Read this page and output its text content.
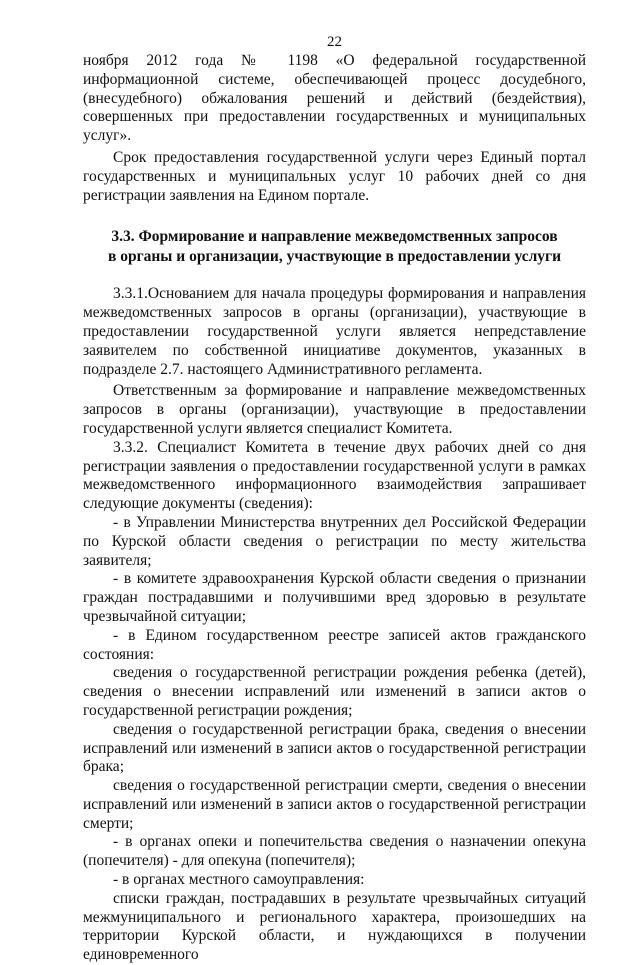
22

ноября 2012 года № 1198 «О федеральной государственной информационной системе, обеспечивающей процесс досудебного, (внесудебного) обжалования решений и действий (бездействия), совершенных при предоставлении государственных и муниципальных услуг».

Срок предоставления государственной услуги через Единый портал государственных и муниципальных услуг 10 рабочих дней со дня регистрации заявления на Едином портале.

3.3. Формирование и направление межведомственных запросов
в органы и организации, участвующие в предоставлении услуги

3.3.1.Основанием для начала процедуры формирования и направления межведомственных запросов в органы (организации), участвующие в предоставлении государственной услуги является непредставление заявителем по собственной инициативе документов, указанных в подразделе 2.7. настоящего Административного регламента.

Ответственным за формирование и направление межведомственных запросов в органы (организации), участвующие в предоставлении государственной услуги является специалист Комитета.

3.3.2. Специалист Комитета в течение двух рабочих дней со дня регистрации заявления о предоставлении государственной услуги в рамках межведомственного информационного взаимодействия запрашивает следующие документы (сведения):

- в Управлении Министерства внутренних дел Российской Федерации по Курской области сведения о регистрации по месту жительства заявителя;

- в комитете здравоохранения Курской области сведения о признании граждан пострадавшими и получившими вред здоровью в результате чрезвычайной ситуации;

- в Едином государственном реестре записей актов гражданского состояния:

сведения о государственной регистрации рождения ребенка (детей), сведения о внесении исправлений или изменений в записи актов о государственной регистрации рождения;

сведения о государственной регистрации брака, сведения о внесении исправлений или изменений в записи актов о государственной регистрации брака;

сведения о государственной регистрации смерти, сведения о внесении исправлений или изменений в записи актов о государственной регистрации смерти;

- в органах опеки и попечительства сведения о назначении опекуна (попечителя) - для опекуна (попечителя);

- в органах местного самоуправления:

списки граждан, пострадавших в результате чрезвычайных ситуаций межмуниципального и регионального характера, произошедших на территории Курской области, и нуждающихся в получении единовременного
